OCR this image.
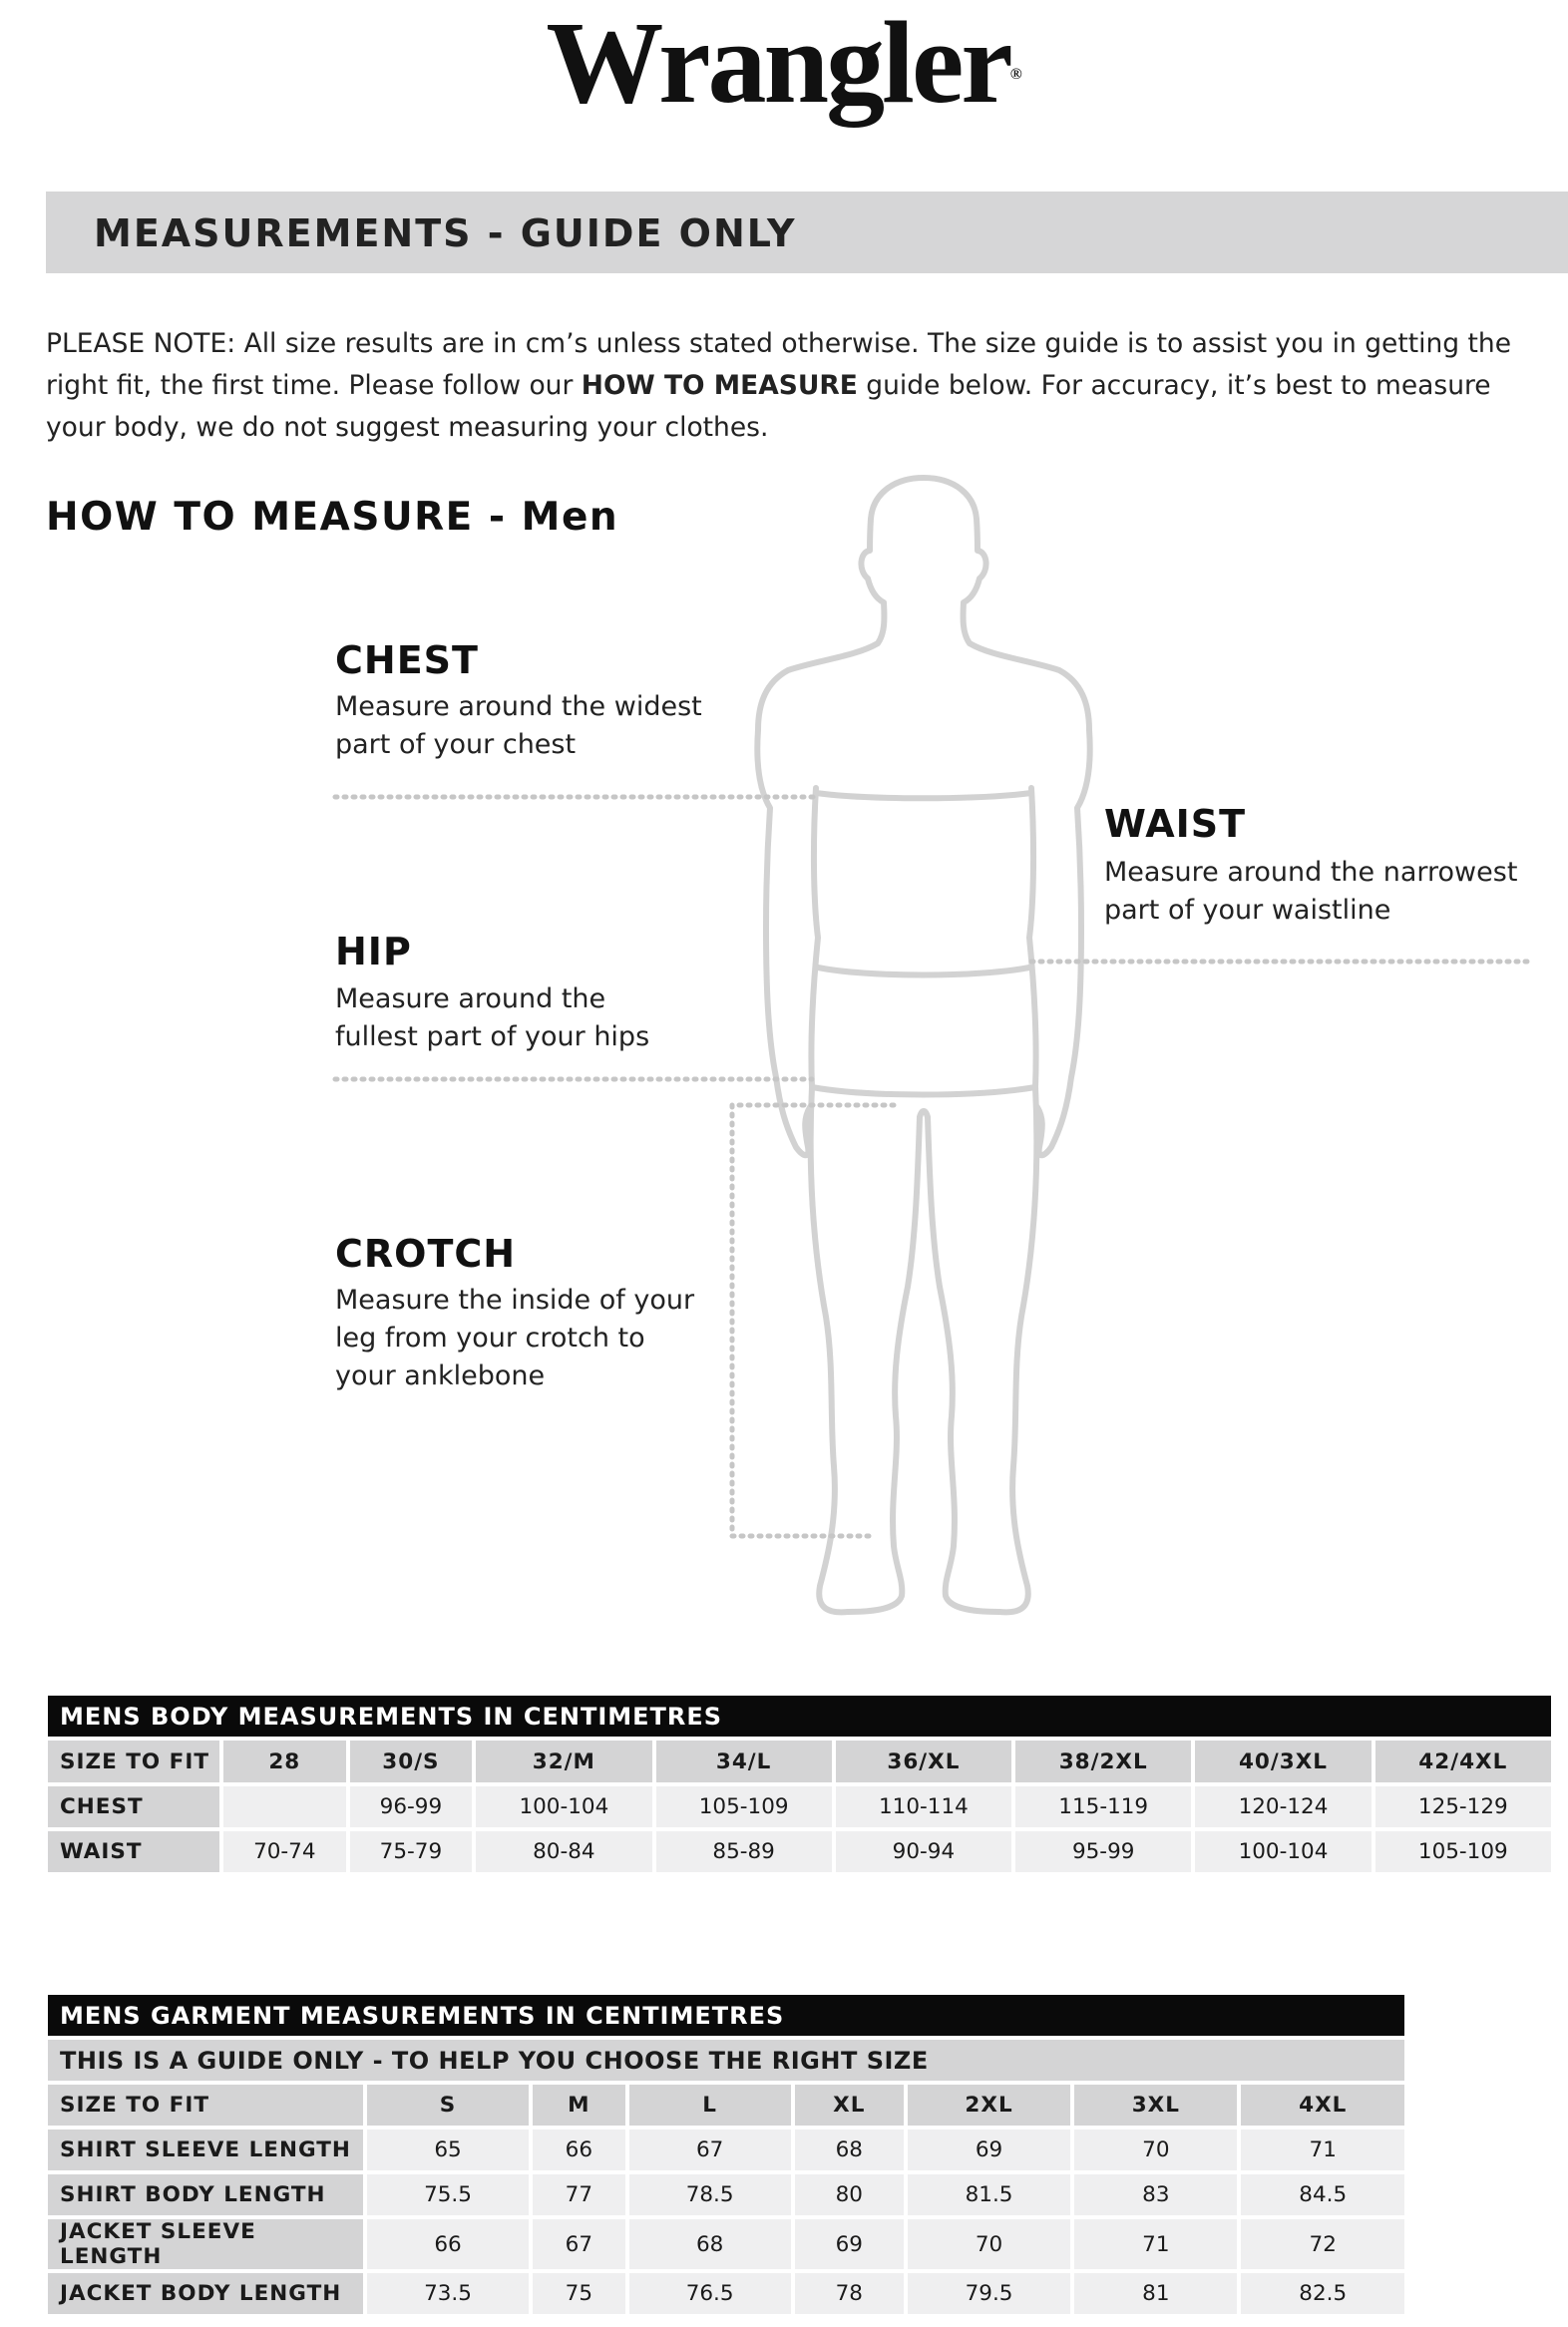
Wrangler®
MEASUREMENTS - GUIDE ONLY
PLEASE NOTE: All size results are in cm’s unless stated otherwise. The size guide is to assist you in getting the right fit, the first time. Please follow our HOW TO MEASURE guide below. For accuracy, it’s best to measure your body, we do not suggest measuring your clothes.
HOW TO MEASURE - Men
CHEST
Measure around the widest
part of your chest
WAIST
Measure around the narrowest
part of your waistline
HIP
Measure around the
fullest part of your hips
CROTCH
Measure the inside of your
leg from your crotch to
your anklebone
MENS BODY MEASUREMENTS IN CENTIMETRES								
SIZE TO FIT	28	30/S	32/M	34/L	36/XL	38/2XL	40/3XL	42/4XL
CHEST		96-99	100-104	105-109	110-114	115-119	120-124	125-129
WAIST	70-74	75-79	80-84	85-89	90-94	95-99	100-104	105-109
MENS GARMENT MEASUREMENTS IN CENTIMETRES							
THIS IS A GUIDE ONLY - TO HELP YOU CHOOSE THE RIGHT SIZE							
SIZE TO FIT	S	M	L	XL	2XL	3XL	4XL
SHIRT SLEEVE LENGTH	65	66	67	68	69	70	71
SHIRT BODY LENGTH	75.5	77	78.5	80	81.5	83	84.5
JACKET SLEEVE LENGTH	66	67	68	69	70	71	72
JACKET BODY LENGTH	73.5	75	76.5	78	79.5	81	82.5
